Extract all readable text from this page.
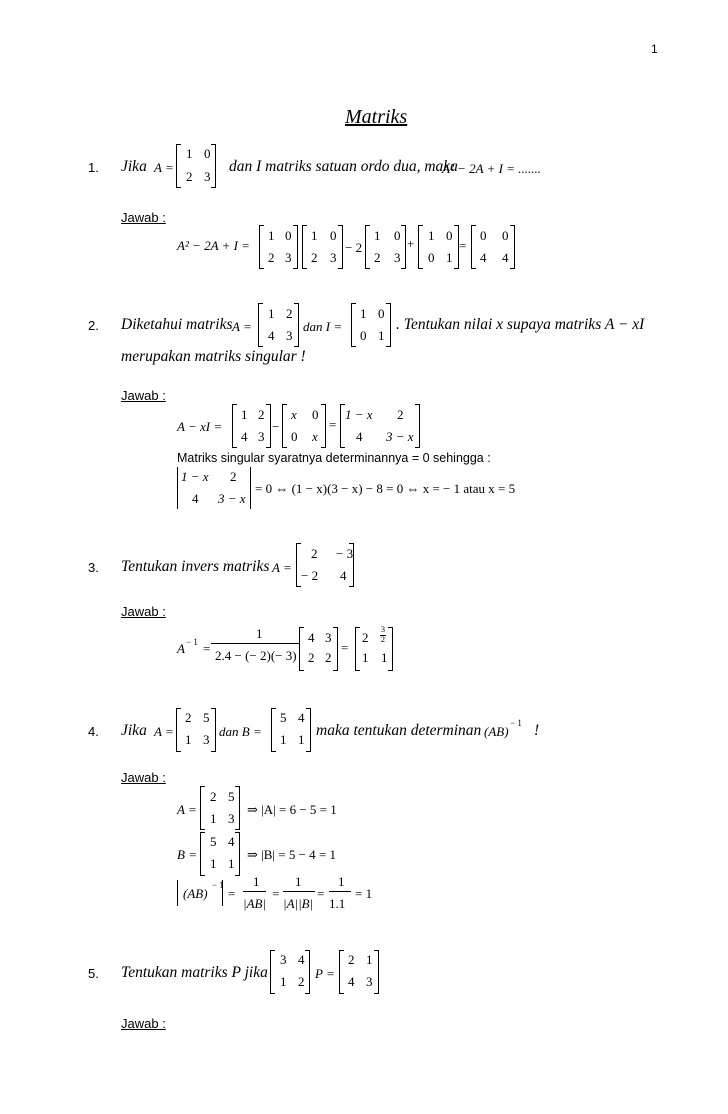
1
Matriks
1. Jika A =
1 0
2 3
dan I matriks satuan ordo dua, maka
A² − 2A + I = .......
Jawab :
A² − 2A + I =
1 0
2 3
1 0
2 3
− 2
1 0
2 3
+
1 0
0 1
=
0 0
4 4
2. Diketahui matriks A =
1 2
4 3
dan I =
1 0
0 1
. Tentukan nilai x supaya matriks A − xI
merupakan matriks singular !
Jawab :
A − xI =
1 2
4 3
−
x 0
0 x
=
1 − x 2
4 3 − x
Matriks singular syaratnya determinannya = 0 sehingga :
1 − x 2
4 3 − x
= 0 ⇔ (1 − x)(3 − x) − 8 = 0 ⇔ x = − 1 atau x = 5
3. Tentukan invers matriks A =
2 − 3
− 2 4
Jawab :
A − 1 =
1
2.4 − (− 2)(− 3)
4 3
2 2
=
2
3
2
1 1
4. Jika A =
2 5
1 3
dan B =
5 4
1 1
maka tentukan determinan (AB)
− 1 !
Jawab :
A =
2 5
1 3
⇒ |A| = 6 − 5 = 1
B =
5 4
1 1
⇒ |B| = 5 − 4 = 1
(AB)
− 1
=
1
|AB|
=
1
|A||B|
=
1
1.1
= 1
5. Tentukan matriks P jika
3 4
1 2
P =
2 1
4 3
Jawab :
